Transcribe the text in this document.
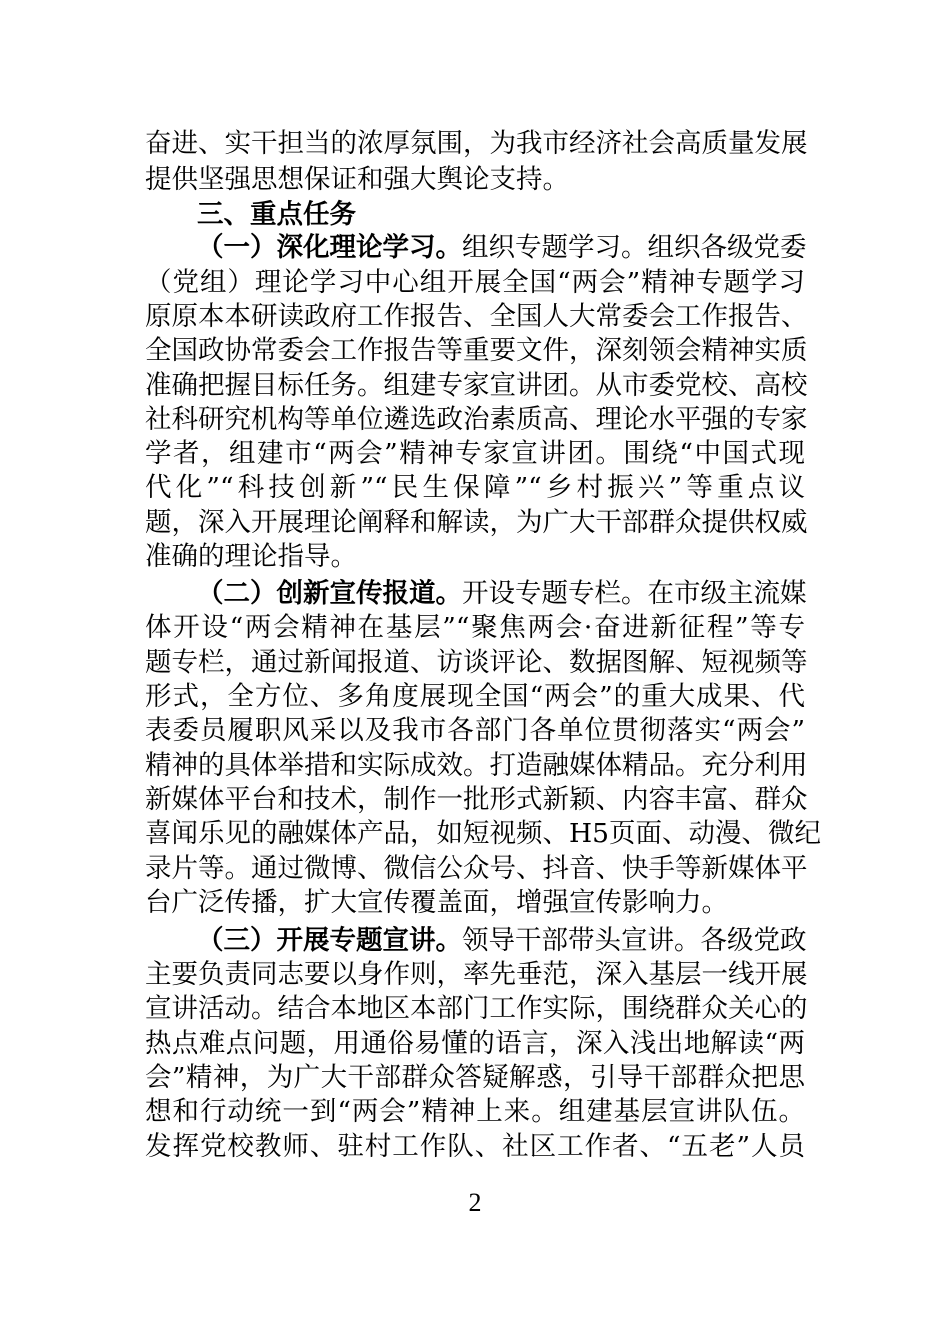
奋进、实干担当的浓厚氛围，为我市经济社会高质量发展
提供坚强思想保证和强大舆论支持。
三、重点任务
（一）深化理论学习。组织专题学习。组织各级党委
（党组）理论学习中心组开展全国“两会”精神专题学习
原原本本研读政府工作报告、全国人大常委会工作报告、
全国政协常委会工作报告等重要文件，深刻领会精神实质
准确把握目标任务。组建专家宣讲团。从市委党校、高校
社科研究机构等单位遴选政治素质高、理论水平强的专家
学者，组建市“两会”精神专家宣讲团。围绕“中国式现
代化”“科技创新”“民生保障”“乡村振兴”等重点议
题，深入开展理论阐释和解读，为广大干部群众提供权威
准确的理论指导。
（二）创新宣传报道。开设专题专栏。在市级主流媒
体开设“两会精神在基层”“聚焦两会·奋进新征程”等专
题专栏，通过新闻报道、访谈评论、数据图解、短视频等
形式，全方位、多角度展现全国“两会”的重大成果、代
表委员履职风采以及我市各部门各单位贯彻落实“两会”
精神的具体举措和实际成效。打造融媒体精品。充分利用
新媒体平台和技术，制作一批形式新颖、内容丰富、群众
喜闻乐见的融媒体产品，如短视频、H5页面、动漫、微纪
录片等。通过微博、微信公众号、抖音、快手等新媒体平
台广泛传播，扩大宣传覆盖面，增强宣传影响力。
（三）开展专题宣讲。领导干部带头宣讲。各级党政
主要负责同志要以身作则，率先垂范，深入基层一线开展
宣讲活动。结合本地区本部门工作实际，围绕群众关心的
热点难点问题，用通俗易懂的语言，深入浅出地解读“两
会”精神，为广大干部群众答疑解惑，引导干部群众把思
想和行动统一到“两会”精神上来。组建基层宣讲队伍。
发挥党校教师、驻村工作队、社区工作者、“五老”人员
2
